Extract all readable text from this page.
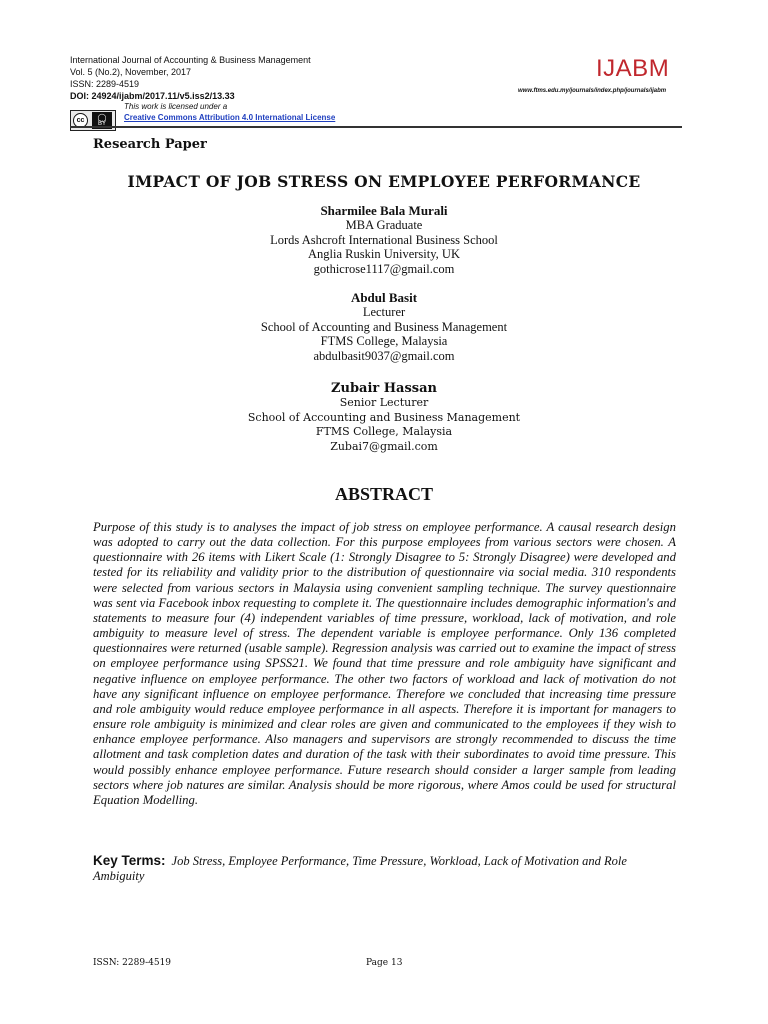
International Journal of Accounting & Business Management
Vol. 5 (No.2), November, 2017
ISSN: 2289-4519
DOI: 24924/ijabm/2017.11/v5.iss2/13.33
This work is licensed under a
Creative Commons Attribution 4.0 International License
cc	◯
BY
IJABM
www.ftms.edu.my/journals/index.php/journals/ijabm
Research Paper
IMPACT OF JOB STRESS ON EMPLOYEE PERFORMANCE
Sharmilee Bala Murali
MBA Graduate
Lords Ashcroft International Business School
Anglia Ruskin University, UK
gothicrose1117@gmail.com
Abdul Basit
Lecturer
School of Accounting and Business Management
FTMS College, Malaysia
abdulbasit9037@gmail.com
Zubair Hassan
Senior Lecturer
School of Accounting and Business Management
FTMS College, Malaysia
Zubai7@gmail.com
ABSTRACT
Purpose of this study is to analyses the impact of job stress on employee performance. A causal research design was adopted to carry out the data collection. For this purpose employees from various sectors were chosen. A questionnaire with 26 items with Likert Scale (1: Strongly Disagree to 5: Strongly Disagree) were developed and tested for its reliability and validity prior to the distribution of questionnaire via social media. 310 respondents were selected from various sectors in Malaysia using convenient sampling technique. The survey questionnaire was sent via Facebook inbox requesting to complete it. The questionnaire includes demographic information's and statements to measure four (4) independent variables of time pressure, workload, lack of motivation, and role ambiguity to measure level of stress. The dependent variable is employee performance. Only 136 completed questionnaires were returned (usable sample). Regression analysis was carried out to examine the impact of stress on employee performance using SPSS21. We found that time pressure and role ambiguity have significant and negative influence on employee performance. The other two factors of workload and lack of motivation do not have any significant influence on employee performance. Therefore we concluded that increasing time pressure and role ambiguity would reduce employee performance in all aspects. Therefore it is important for managers to ensure role ambiguity is minimized and clear roles are given and communicated to the employees if they wish to enhance employee performance. Also managers and supervisors are strongly recommended to discuss the time allotment and task completion dates and duration of the task with their subordinates to avoid time pressure. This would possibly enhance employee performance. Future research should consider a larger sample from leading sectors where job natures are similar. Analysis should be more rigorous, where Amos could be used for structural Equation Modelling.
Key Terms: Job Stress, Employee Performance, Time Pressure, Workload, Lack of Motivation and Role Ambiguity
ISSN: 2289-4519	Page 13
